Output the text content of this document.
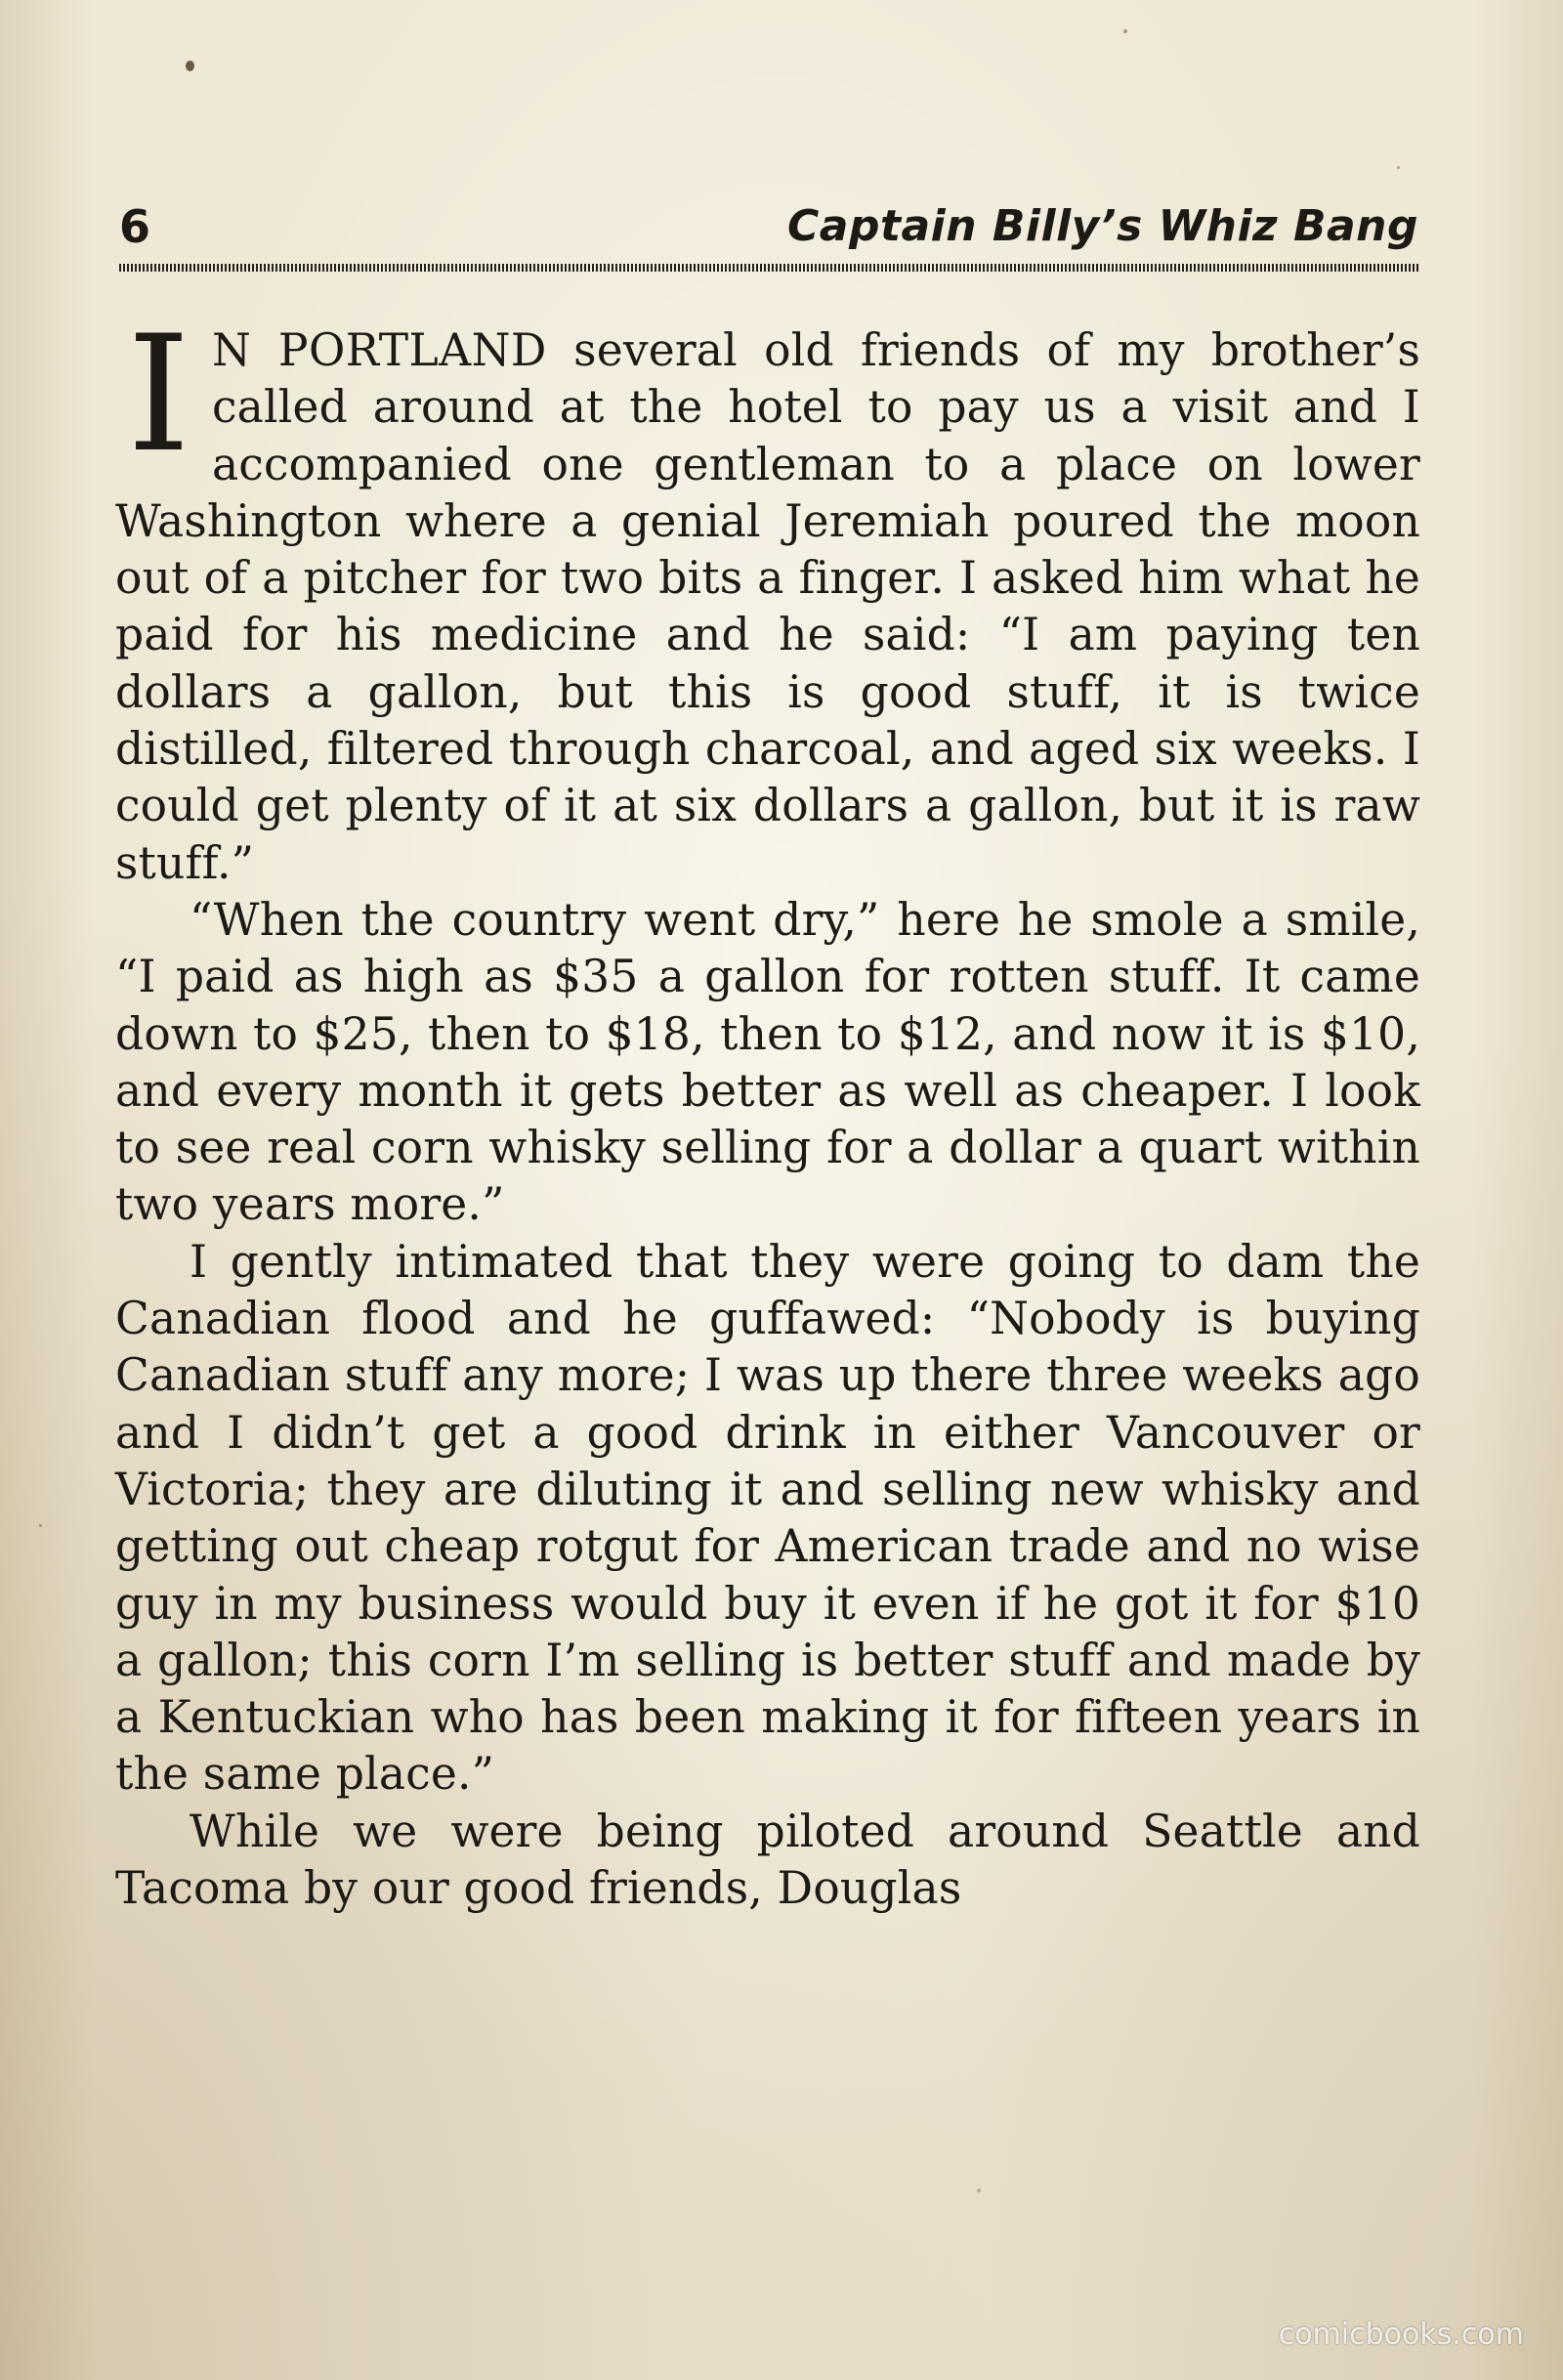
6	Captain Billy’s Whiz Bang

I N PORTLAND several old friends of my brother’s called around at the hotel to pay us a visit and I accompanied one gentleman to a place on lower Washington where a genial Jeremiah poured the moon out of a pitcher for two bits a finger. I asked him what he paid for his medicine and he said: “I am paying ten dollars a gallon, but this is good stuff, it is twice distilled, filtered through charcoal, and aged six weeks. I could get plenty of it at six dollars a gallon, but it is raw stuff.”

“When the country went dry,” here he smole a smile, “I paid as high as $35 a gallon for rotten stuff. It came down to $25, then to $18, then to $12, and now it is $10, and every month it gets better as well as cheaper. I look to see real corn whisky selling for a dollar a quart within two years more.”

I gently intimated that they were going to dam the Canadian flood and he guffawed: “Nobody is buying Canadian stuff any more; I was up there three weeks ago and I didn’t get a good drink in either Vancouver or Victoria; they are diluting it and selling new whisky and getting out cheap rotgut for American trade and no wise guy in my business would buy it even if he got it for $10 a gallon; this corn I’m selling is better stuff and made by a Kentuckian who has been making it for fifteen years in the same place.”

While we were being piloted around Seattle and Tacoma by our good friends, Douglas

comicbooks.com
